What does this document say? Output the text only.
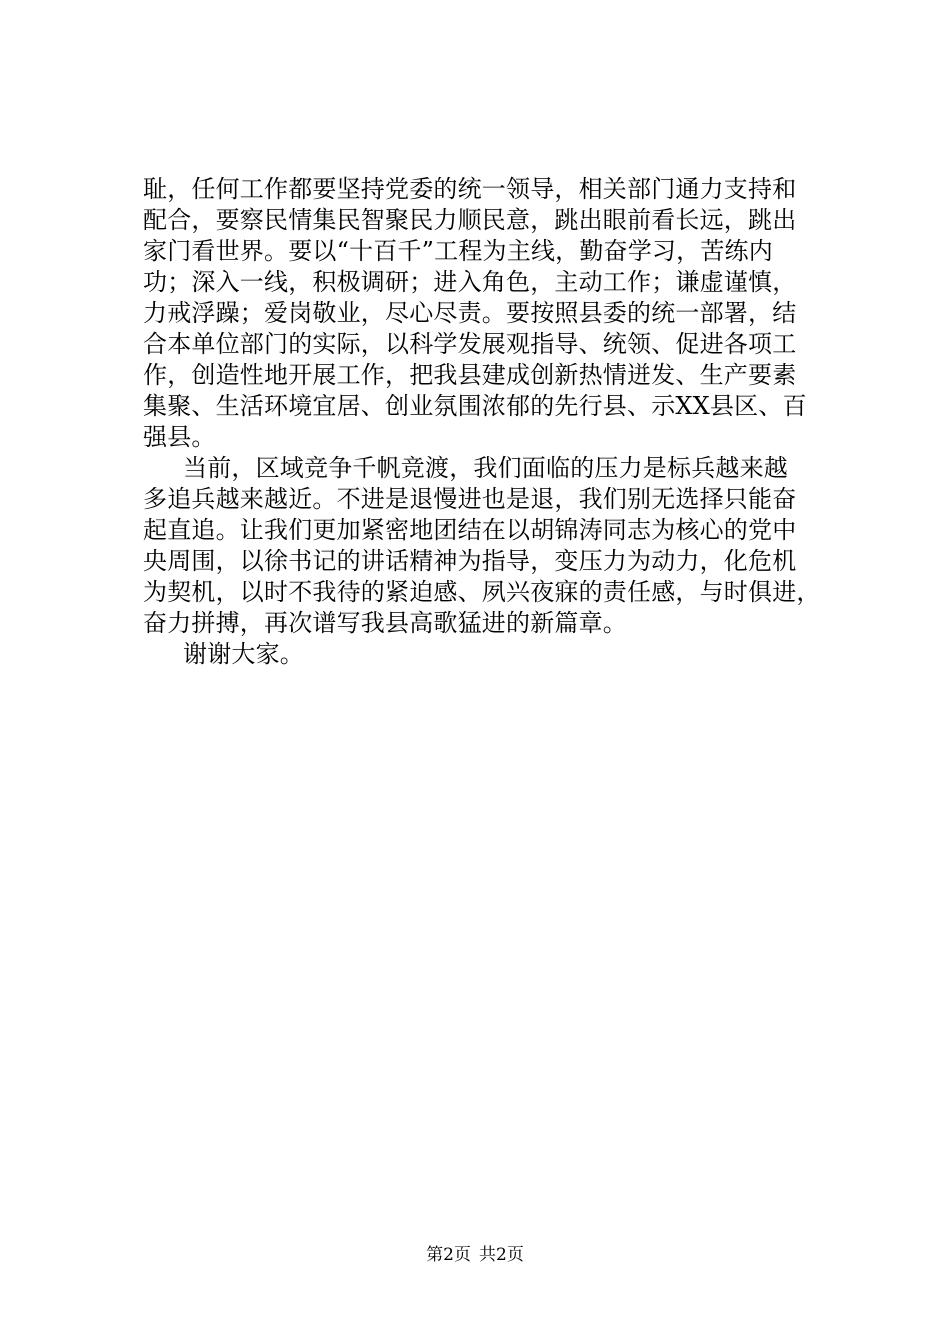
耻，任何工作都要坚持党委的统一领导，相关部门通力支持和
配合，要察民情集民智聚民力顺民意，跳出眼前看长远，跳出
家门看世界。要以“十百千”工程为主线，勤奋学习，苦练内
功；深入一线，积极调研；进入角色，主动工作；谦虚谨慎，
力戒浮躁；爱岗敬业，尽心尽责。要按照县委的统一部署，结
合本单位部门的实际，以科学发展观指导、统领、促进各项工
作，创造性地开展工作，把我县建成创新热情迸发、生产要素
集聚、生活环境宜居、创业氛围浓郁的先行县、示XX县区、百
强县。
当前，区域竞争千帆竞渡，我们面临的压力是标兵越来越
多追兵越来越近。不进是退慢进也是退，我们别无选择只能奋
起直追。让我们更加紧密地团结在以胡锦涛同志为核心的党中
央周围，以徐书记的讲话精神为指导，变压力为动力，化危机
为契机，以时不我待的紧迫感、夙兴夜寐的责任感，与时俱进，
奋力拼搏，再次谱写我县高歌猛进的新篇章。
谢谢大家。
第2页 共2页
